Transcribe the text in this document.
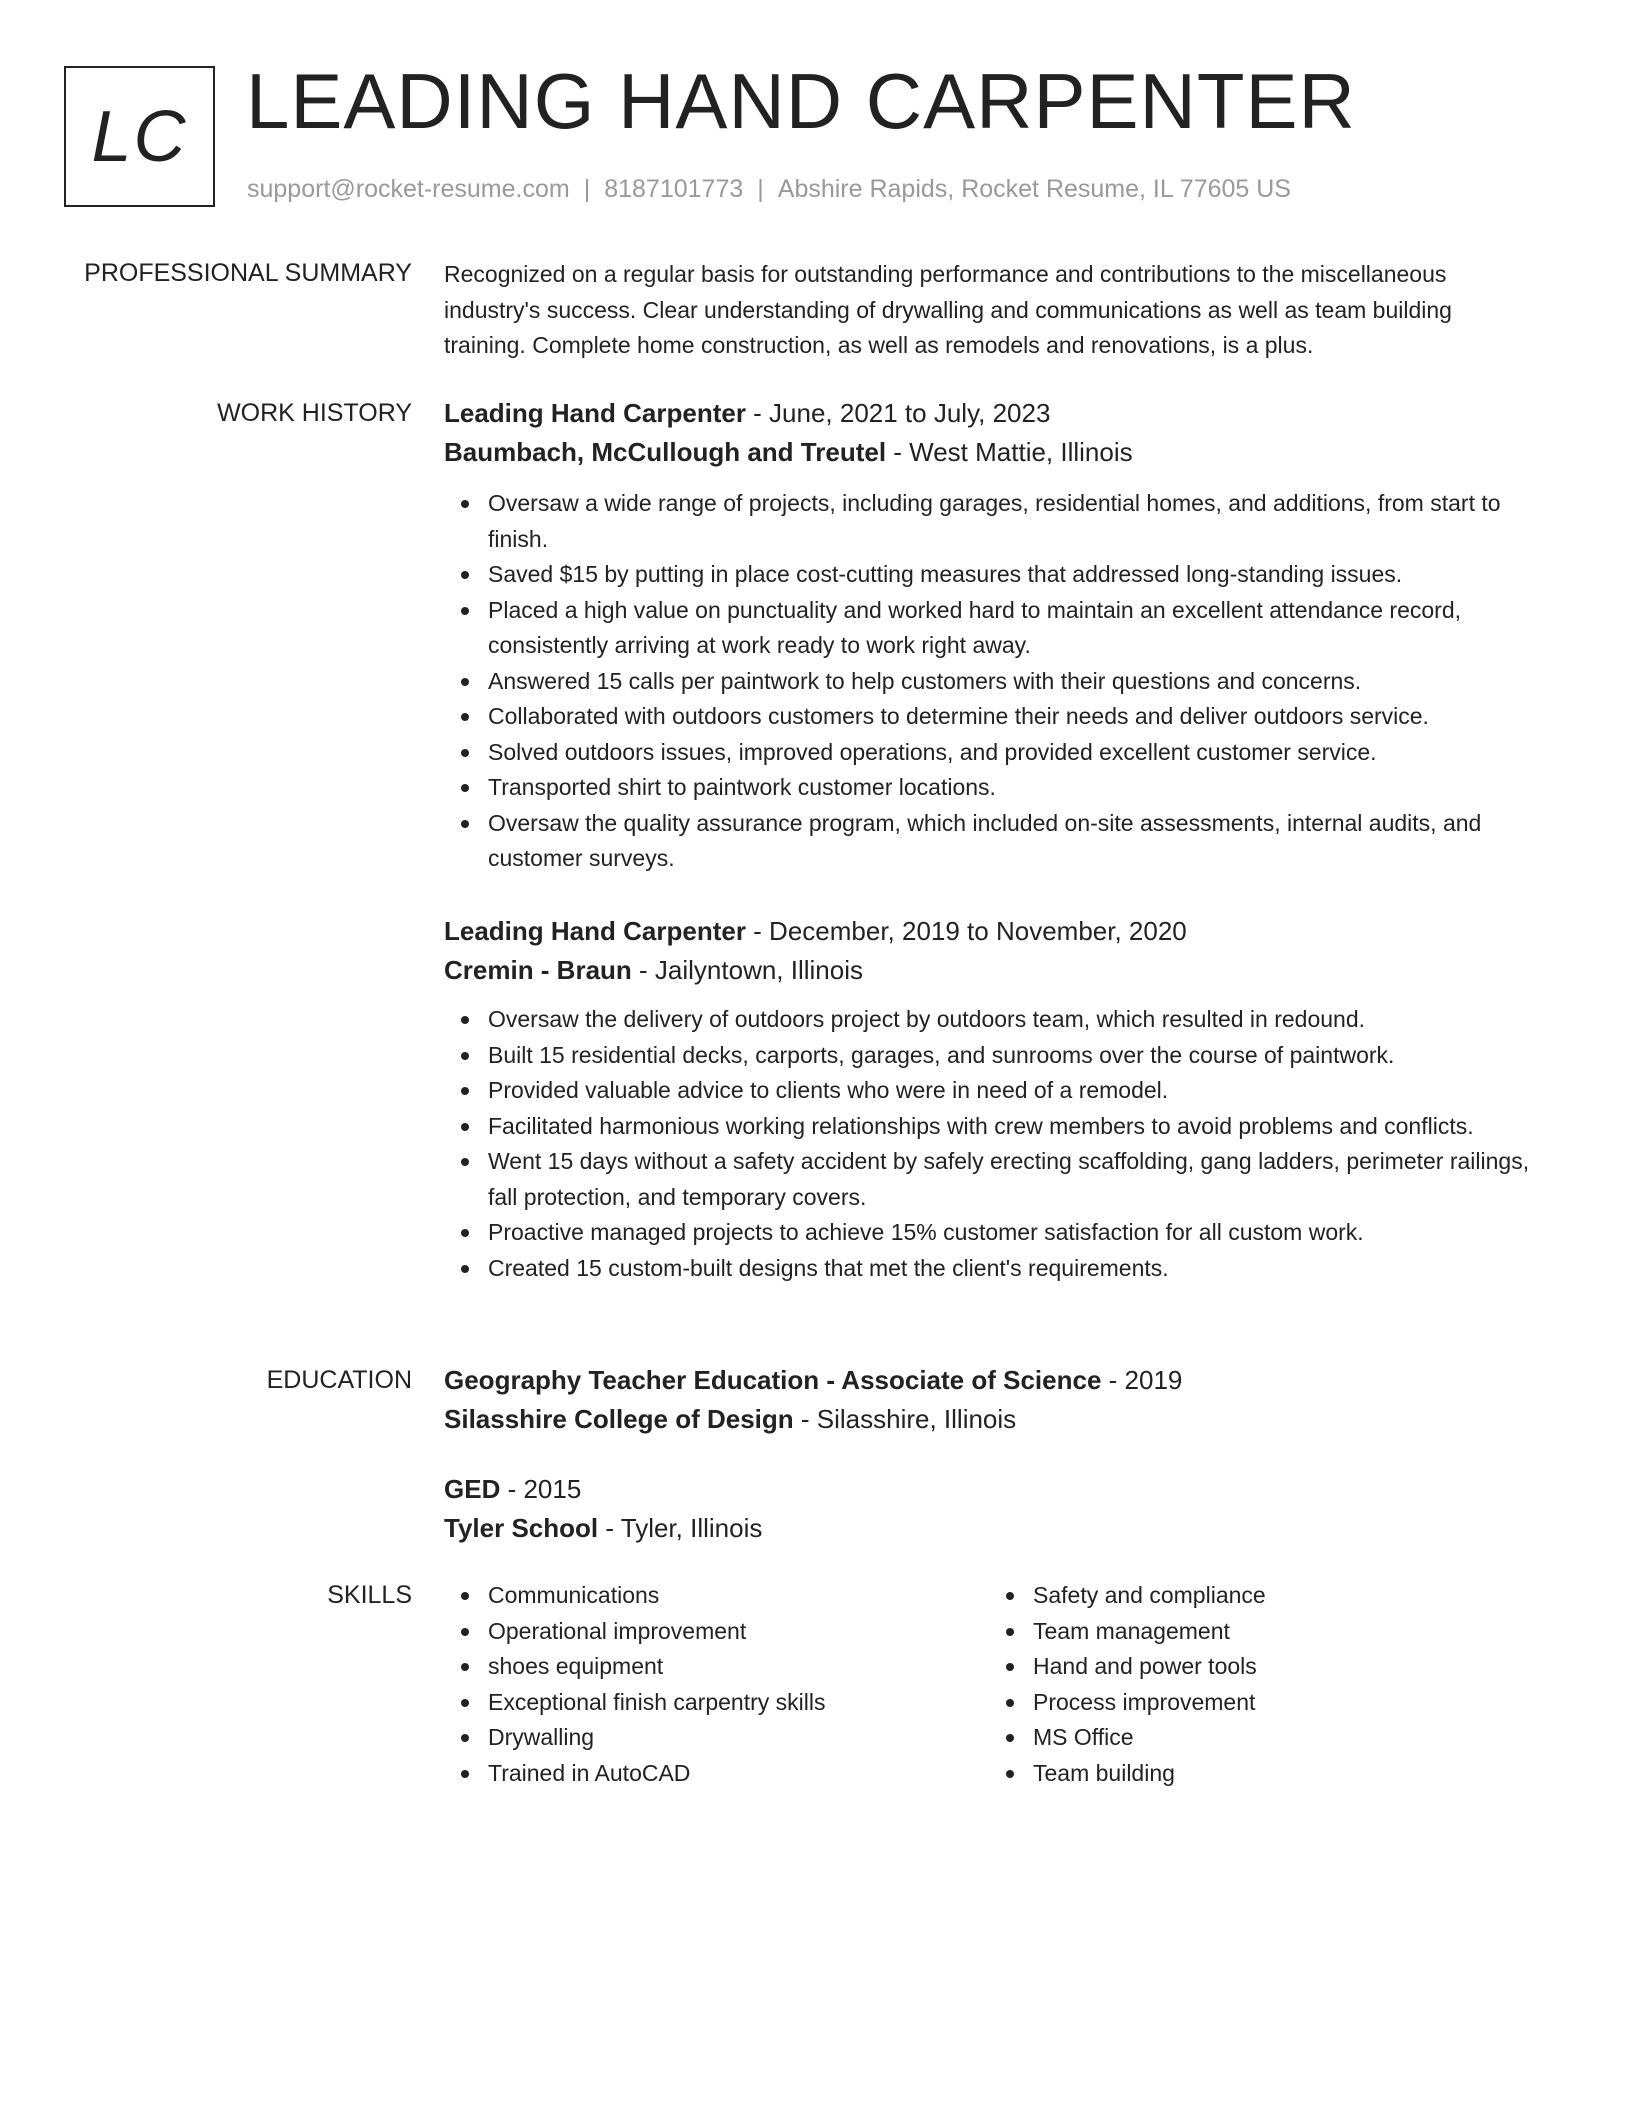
LC LEADING HAND CARPENTER
support@rocket-resume.com | 8187101773 | Abshire Rapids, Rocket Resume, IL 77605 US
PROFESSIONAL SUMMARY Recognized on a regular basis for outstanding performance and contributions to the miscellaneous
industry's success. Clear understanding of drywalling and communications as well as team building
training. Complete home construction, as well as remodels and renovations, is a plus.
WORK HISTORY Leading Hand Carpenter - June, 2021 to July, 2023
Baumbach, McCullough and Treutel - West Mattie, Illinois
Oversaw a wide range of projects, including garages, residential homes, and additions, from start to finish.
Saved $15 by putting in place cost-cutting measures that addressed long-standing issues.
Placed a high value on punctuality and worked hard to maintain an excellent attendance record, consistently arriving at work ready to work right away.
Answered 15 calls per paintwork to help customers with their questions and concerns.
Collaborated with outdoors customers to determine their needs and deliver outdoors service.
Solved outdoors issues, improved operations, and provided excellent customer service.
Transported shirt to paintwork customer locations.
Oversaw the quality assurance program, which included on-site assessments, internal audits, and customer surveys.
Leading Hand Carpenter - December, 2019 to November, 2020
Cremin - Braun - Jailyntown, Illinois
Oversaw the delivery of outdoors project by outdoors team, which resulted in redound.
Built 15 residential decks, carports, garages, and sunrooms over the course of paintwork.
Provided valuable advice to clients who were in need of a remodel.
Facilitated harmonious working relationships with crew members to avoid problems and conflicts.
Went 15 days without a safety accident by safely erecting scaffolding, gang ladders, perimeter railings, fall protection, and temporary covers.
Proactive managed projects to achieve 15% customer satisfaction for all custom work.
Created 15 custom-built designs that met the client's requirements.
EDUCATION Geography Teacher Education - Associate of Science - 2019
Silasshire College of Design - Silasshire, Illinois
GED - 2015
Tyler School - Tyler, Illinois
SKILLS	Communications
Operational improvement
shoes equipment
Exceptional finish carpentry skills
Drywalling
Trained in AutoCAD
Safety and compliance
Team management
Hand and power tools
Process improvement
MS Office
Team building
